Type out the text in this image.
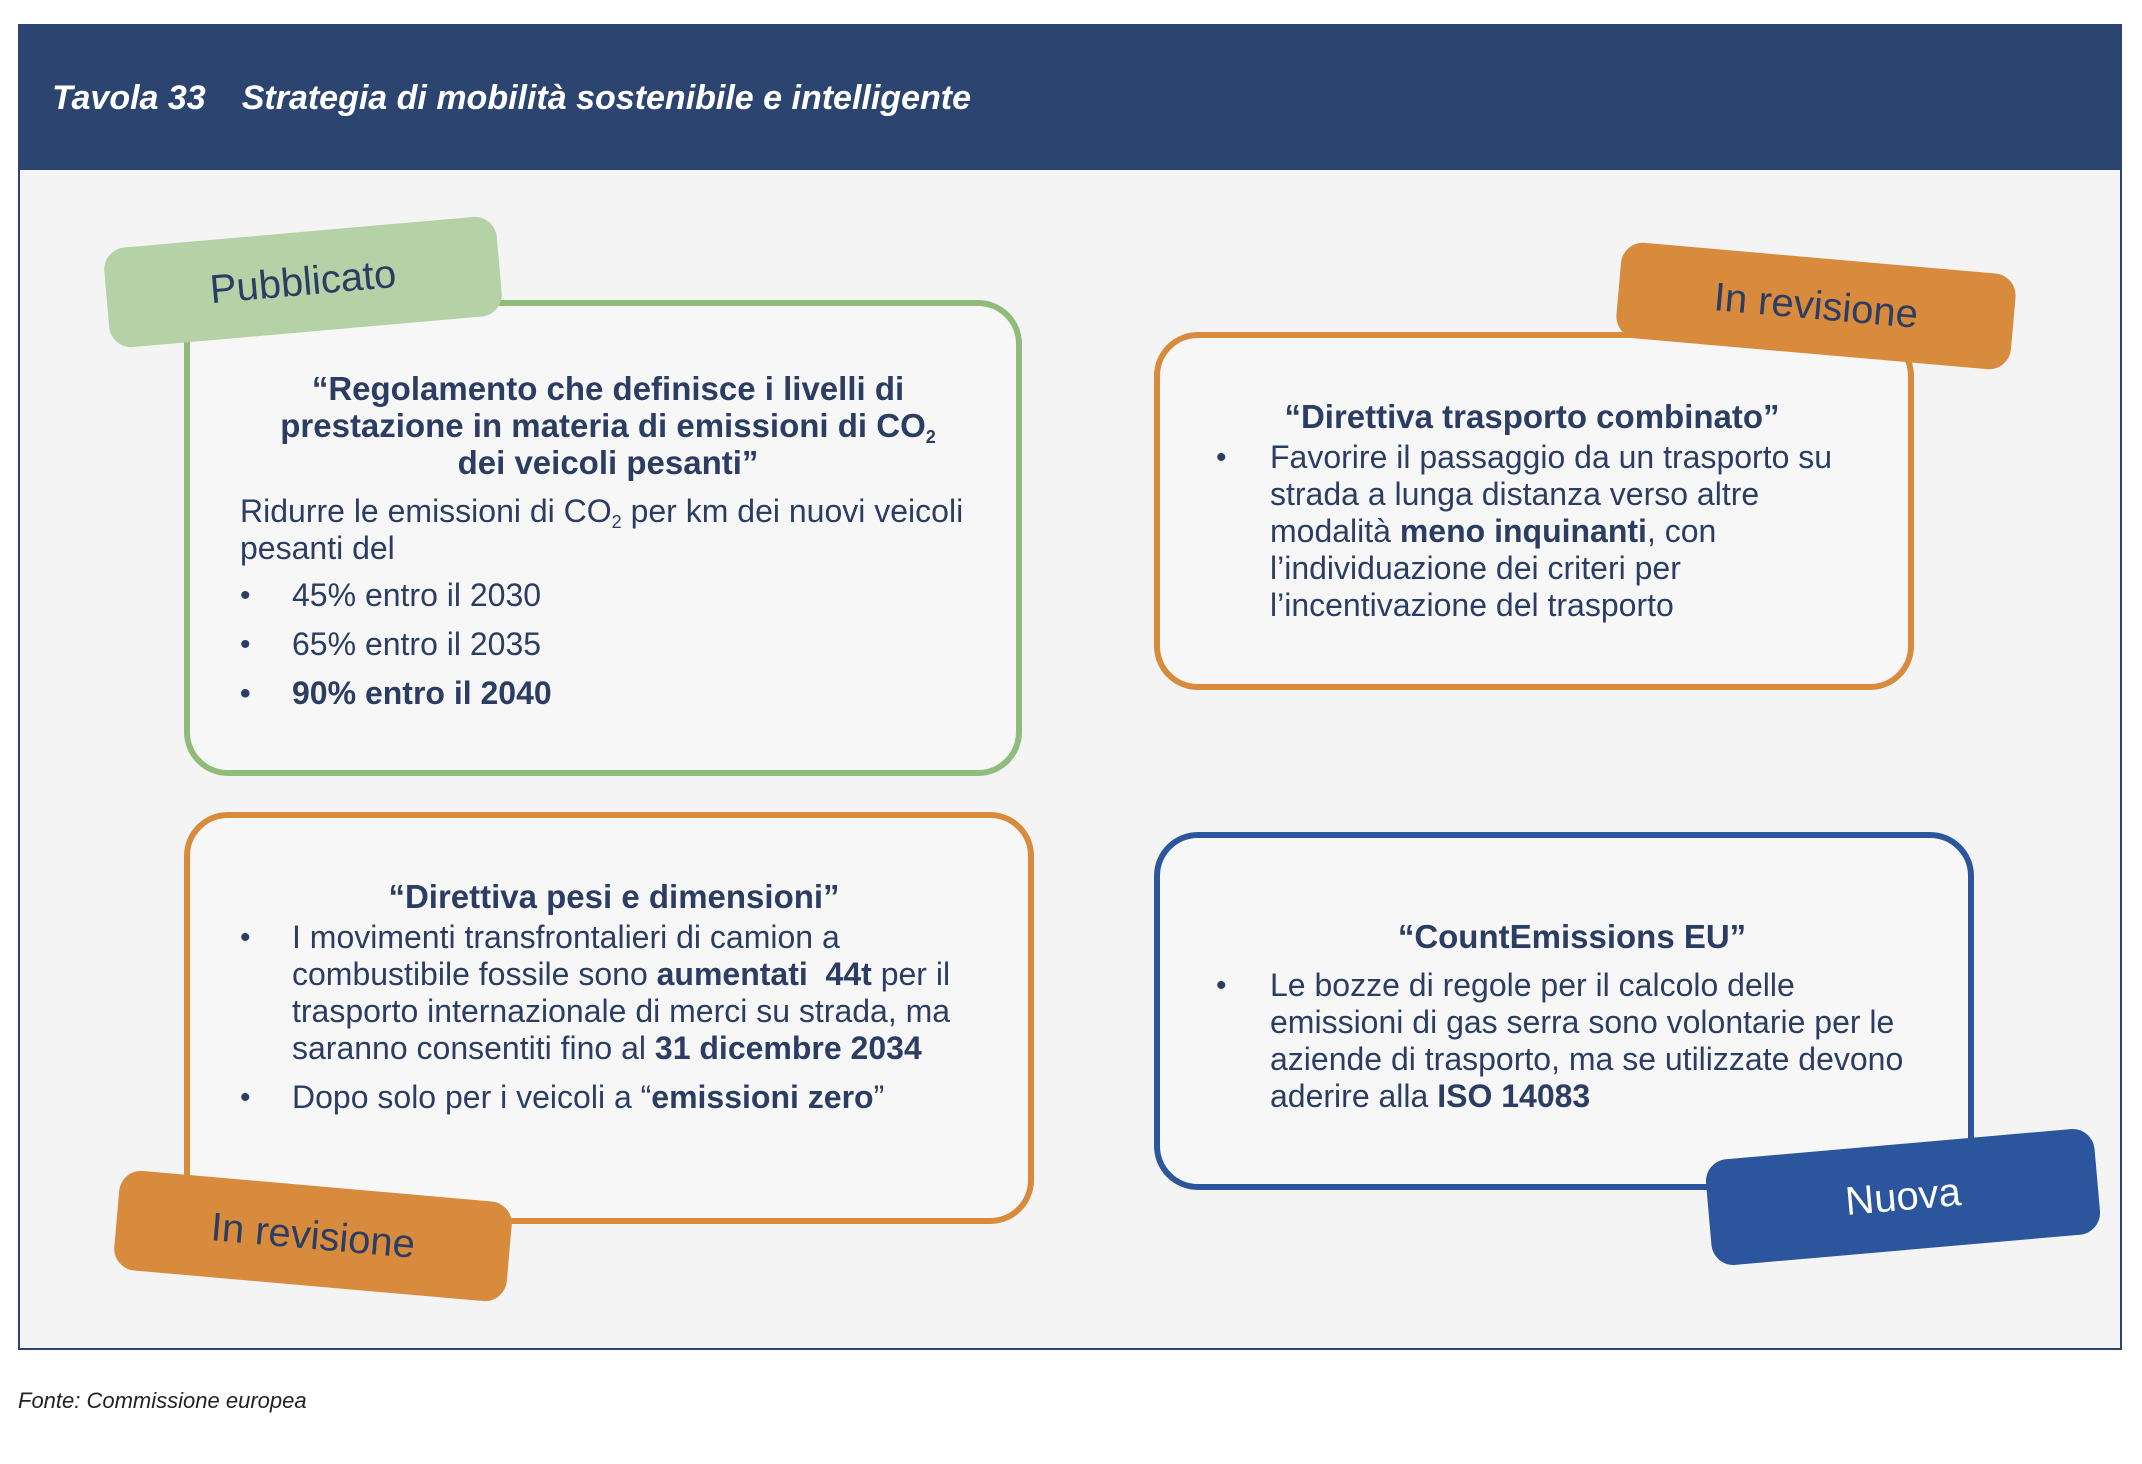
Tavola 33 Strategia di mobilità sostenibile e intelligente
“Regolamento che definisce i livelli di prestazione in materia di emissioni di $CO_2$
dei veicoli pesanti”
Ridurre le emissioni di $CO_2$ per km dei nuovi veicoli pesanti del
• 45% entro il 2030
• 65% entro il 2035
• 90% entro il 2040
Pubblicato
“Direttiva trasporto combinato”
• Favorire il passaggio da un trasporto su strada a lunga distanza verso altre modalità meno inquinanti, con l’individuazione dei criteri per l’incentivazione del trasporto
In revisione
“Direttiva pesi e dimensioni”
• I movimenti transfrontalieri di camion a combustibile fossile sono aumentati  44t per il trasporto internazionale di merci su strada, ma saranno consentiti fino al 31 dicembre 2034
• Dopo solo per i veicoli a “emissioni zero”
In revisione
“CountEmissions EU”
• Le bozze di regole per il calcolo delle emissioni di gas serra sono volontarie per le aziende di trasporto, ma se utilizzate devono aderire alla ISO 14083
Nuova
Fonte: Commissione europea
